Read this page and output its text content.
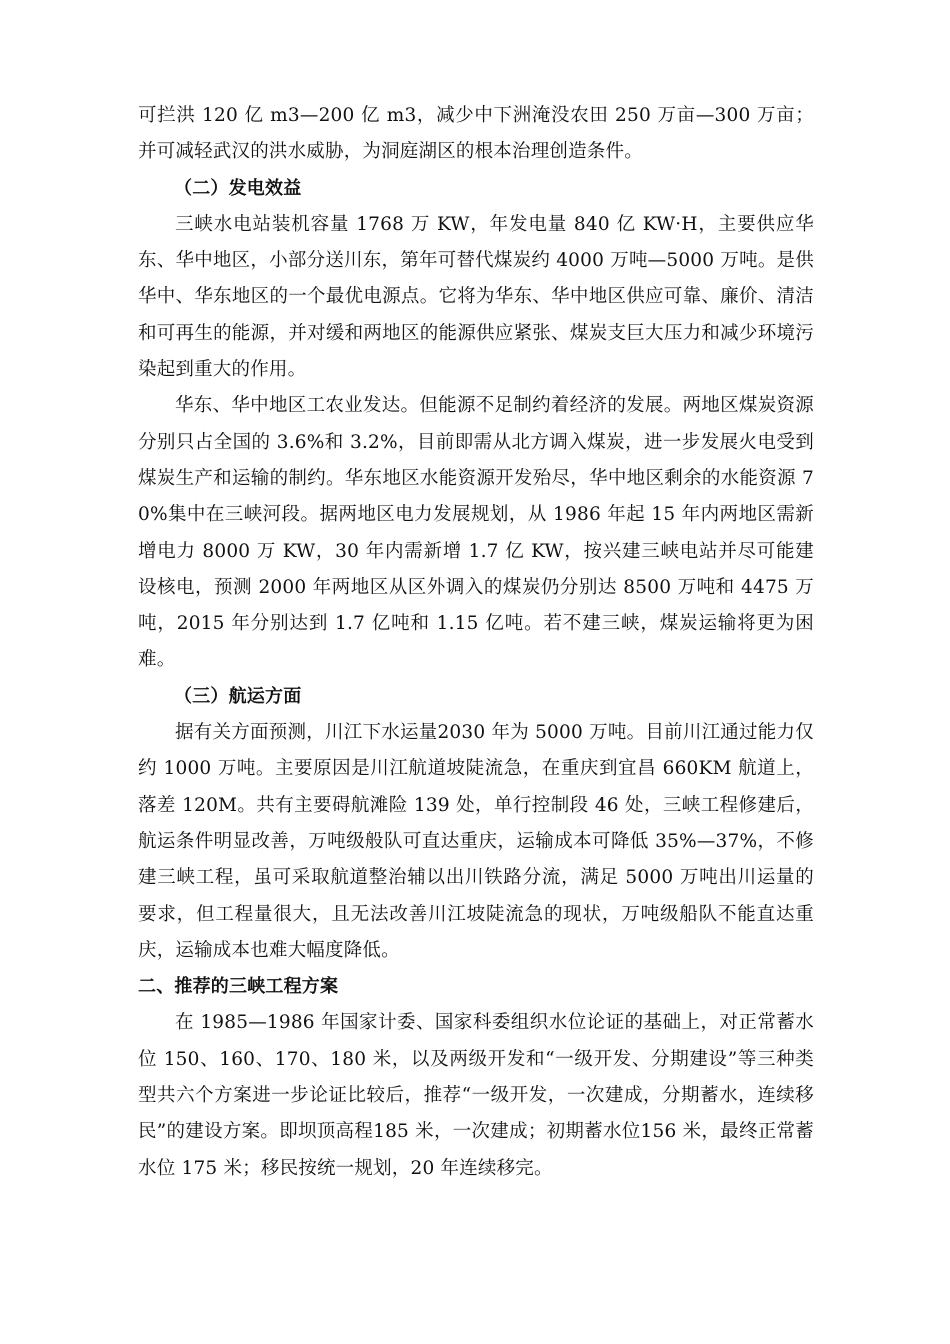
可拦洪 120 亿 m3—200 亿 m3，减少中下洲淹没农田 250 万亩—300 万亩；并可减轻武汉的洪水威胁，为洞庭湖区的根本治理创造条件。

（二）发电效益

三峡水电站装机容量 1768 万 KW，年发电量 840 亿 KW·H，主要供应华东、华中地区，小部分送川东，第年可替代煤炭约 4000 万吨—5000 万吨。是供华中、华东地区的一个最优电源点。它将为华东、华中地区供应可靠、廉价、清洁和可再生的能源，并对缓和两地区的能源供应紧张、煤炭支巨大压力和减少环境污染起到重大的作用。

华东、华中地区工农业发达。但能源不足制约着经济的发展。两地区煤炭资源分别只占全国的 3.6%和 3.2%，目前即需从北方调入煤炭，进一步发展火电受到煤炭生产和运输的制约。华东地区水能资源开发殆尽，华中地区剩余的水能资源 70%集中在三峡河段。据两地区电力发展规划，从 1986 年起 15 年内两地区需新增电力 8000 万 KW，30 年内需新增 1.7 亿 KW，按兴建三峡电站并尽可能建设核电，预测 2000 年两地区从区外调入的煤炭仍分别达 8500 万吨和 4475 万吨，2015 年分别达到 1.7 亿吨和 1.15 亿吨。若不建三峡，煤炭运输将更为困难。

（三）航运方面

据有关方面预测，川江下水运量2030 年为 5000 万吨。目前川江通过能力仅约 1000 万吨。主要原因是川江航道坡陡流急，在重庆到宜昌 660KM 航道上，落差 120M。共有主要碍航滩险 139 处，单行控制段 46 处，三峡工程修建后，航运条件明显改善，万吨级般队可直达重庆，运输成本可降低 35%—37%，不修建三峡工程，虽可采取航道整治辅以出川铁路分流，满足 5000 万吨出川运量的要求，但工程量很大，且无法改善川江坡陡流急的现状，万吨级船队不能直达重庆，运输成本也难大幅度降低。

二、推荐的三峡工程方案

在 1985—1986 年国家计委、国家科委组织水位论证的基础上，对正常蓄水位 150、160、170、180 米，以及两级开发和“一级开发、分期建设”等三种类型共六个方案进一步论证比较后，推荐“一级开发，一次建成，分期蓄水，连续移民”的建设方案。即坝顶高程185 米，一次建成；初期蓄水位156 米，最终正常蓄水位 175 米；移民按统一规划，20 年连续移完。
